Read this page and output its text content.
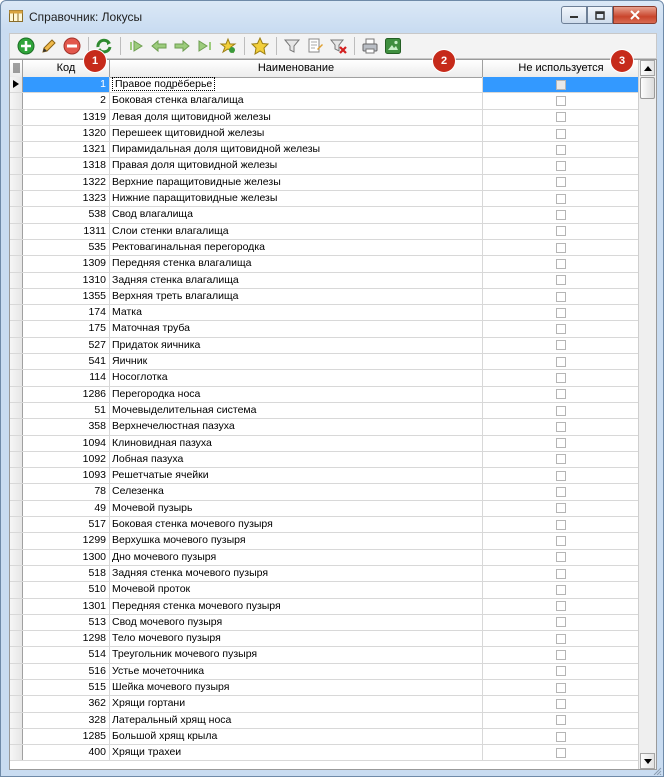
Справочник: Локусы
Код	Наименование	Не используется
1 Правое подрёберье
2 Боковая стенка влагалища
1319 Левая доля щитовидной железы
1320 Перешеек щитовидной железы
1321 Пирамидальная доля щитовидной железы
1318 Правая доля щитовидной железы
1322 Верхние паращитовидные железы
1323 Нижние паращитовидные железы
538 Свод влагалища
1311 Слои стенки влагалища
535 Ректовагинальная перегородка
1309 Передняя стенка влагалища
1310 Задняя стенка влагалища
1355 Верхняя треть влагалища
174 Матка
175 Маточная труба
527 Придаток яичника
541 Яичник
114 Носоглотка
1286 Перегородка носа
51 Мочевыделительная система
358 Верхнечелюстная пазуха
1094 Клиновидная пазуха
1092 Лобная пазуха
1093 Решетчатые ячейки
78 Селезенка
49 Мочевой пузырь
517 Боковая стенка мочевого пузыря
1299 Верхушка мочевого пузыря
1300 Дно мочевого пузыря
518 Задняя стенка мочевого пузыря
510 Мочевой проток
1301 Передняя стенка мочевого пузыря
513 Свод мочевого пузыря
1298 Тело мочевого пузыря
514 Треугольник мочевого пузыря
516 Устье мочеточника
515 Шейка мочевого пузыря
362 Хрящи гортани
328 Латеральный хрящ носа
1285 Большой хрящ крыла
400 Хрящи трахеи
1	2	3
